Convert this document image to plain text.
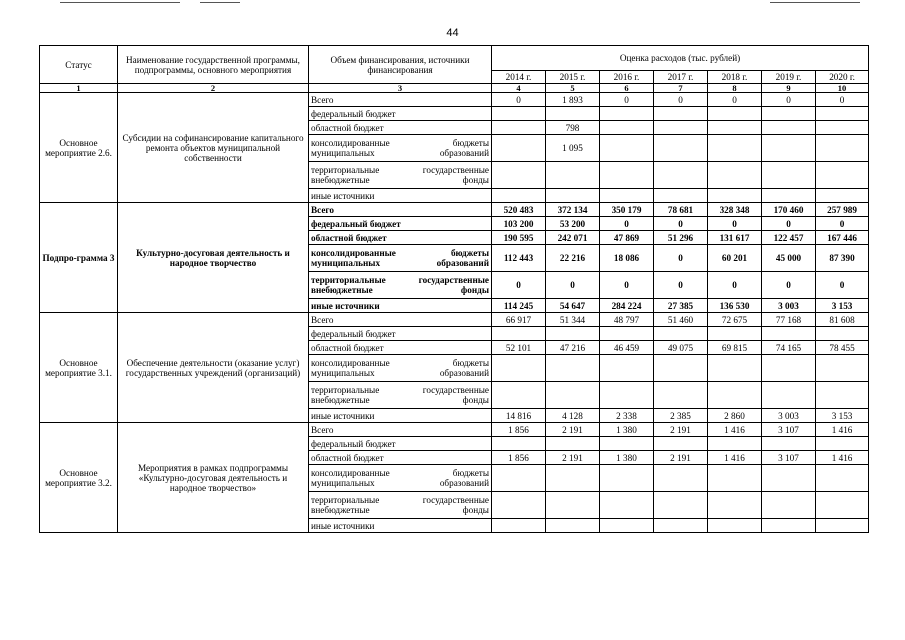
44
Статус	Наименование государственной программы, подпрограммы, основного мероприятия	Объем финансирования, источники финансирования	Оценка расходов (тыс. рублей)						
			2014 г.	2015 г.	2016 г.	2017 г.	2018 г.	2019 г.	2020 г.
1	2	3	4	5	6	7	8	9	10
Основное мероприятие 2.6.	Субсидии на софинансирование капитального ремонта объектов муниципальной собственности	Всего	0	1 893	0	0	0	0	0
		федеральный бюджет							
		областной бюджет		798					
		консолидированные бюджеты муниципальных образований		1 095					
		территориальные государственные внебюджетные фонды							
		иные источники							
Подпро-грамма 3	Культурно-досуговая деятельность и народное творчество	Всего	520 483	372 134	350 179	78 681	328 348	170 460	257 989
		федеральный бюджет	103 200	53 200	0	0	0	0	0
		областной бюджет	190 595	242 071	47 869	51 296	131 617	122 457	167 446
		консолидированные бюджеты муниципальных образований	112 443	22 216	18 086	0	60 201	45 000	87 390
		территориальные государственные внебюджетные фонды	0	0	0	0	0	0	0
		иные источники	114 245	54 647	284 224	27 385	136 530	3 003	3 153
Основное мероприятие 3.1.	Обеспечение деятельности (оказание услуг) государственных учреждений (организаций)	Всего	66 917	51 344	48 797	51 460	72 675	77 168	81 608
		федеральный бюджет							
		областной бюджет	52 101	47 216	46 459	49 075	69 815	74 165	78 455
		консолидированные бюджеты муниципальных образований							
		территориальные государственные внебюджетные фонды							
		иные источники	14 816	4 128	2 338	2 385	2 860	3 003	3 153
Основное мероприятие 3.2.	Мероприятия в рамках подпрограммы «Культурно-досуговая деятельность и народное творчество»	Всего	1 856	2 191	1 380	2 191	1 416	3 107	1 416
		федеральный бюджет							
		областной бюджет	1 856	2 191	1 380	2 191	1 416	3 107	1 416
		консолидированные бюджеты муниципальных образований							
		территориальные государственные внебюджетные фонды							
		иные источники							
